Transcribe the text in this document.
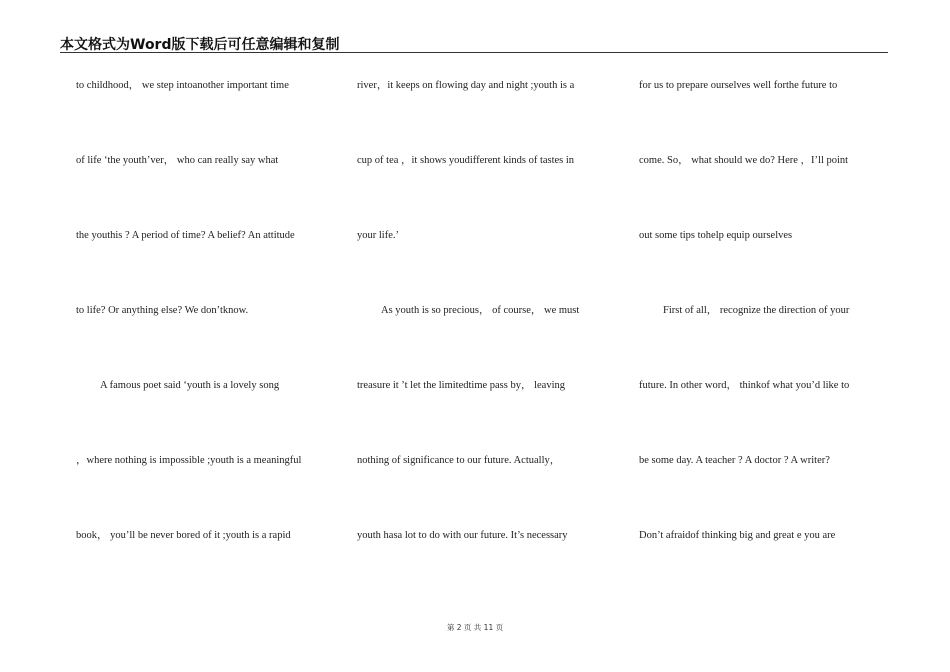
本文格式为Word版下载后可任意编辑和复制
to childhood， we step intoanother important time
of life ‘the youth’ver， who can really say what
the youthis ? A period of time? A belief? An attitude
to life? Or anything else? We don’tknow.
A famous poet said ‘youth is a lovely song
，where nothing is impossible ;youth is a meaningful
book， you’ll be never bored of it ;youth is a rapid
river，it keeps on flowing day and night ;youth is a
cup of tea ，it shows youdifferent kinds of tastes in
your life.’
As youth is so precious， of course， we must
treasure it ’t let the limitedtime pass by， leaving
nothing of significance to our future. Actually，
youth hasa lot to do with our future. It’s necessary
for us to prepare ourselves well forthe future to
come. So， what should we do? Here ，I’ll point
out some tips tohelp equip ourselves
First of all， recognize the direction of your
future. In other word， thinkof what you’d like to
be some day. A teacher ? A doctor ? A writer?
Don’t afraidof thinking big and great e you are
第 2 页 共 11 页
